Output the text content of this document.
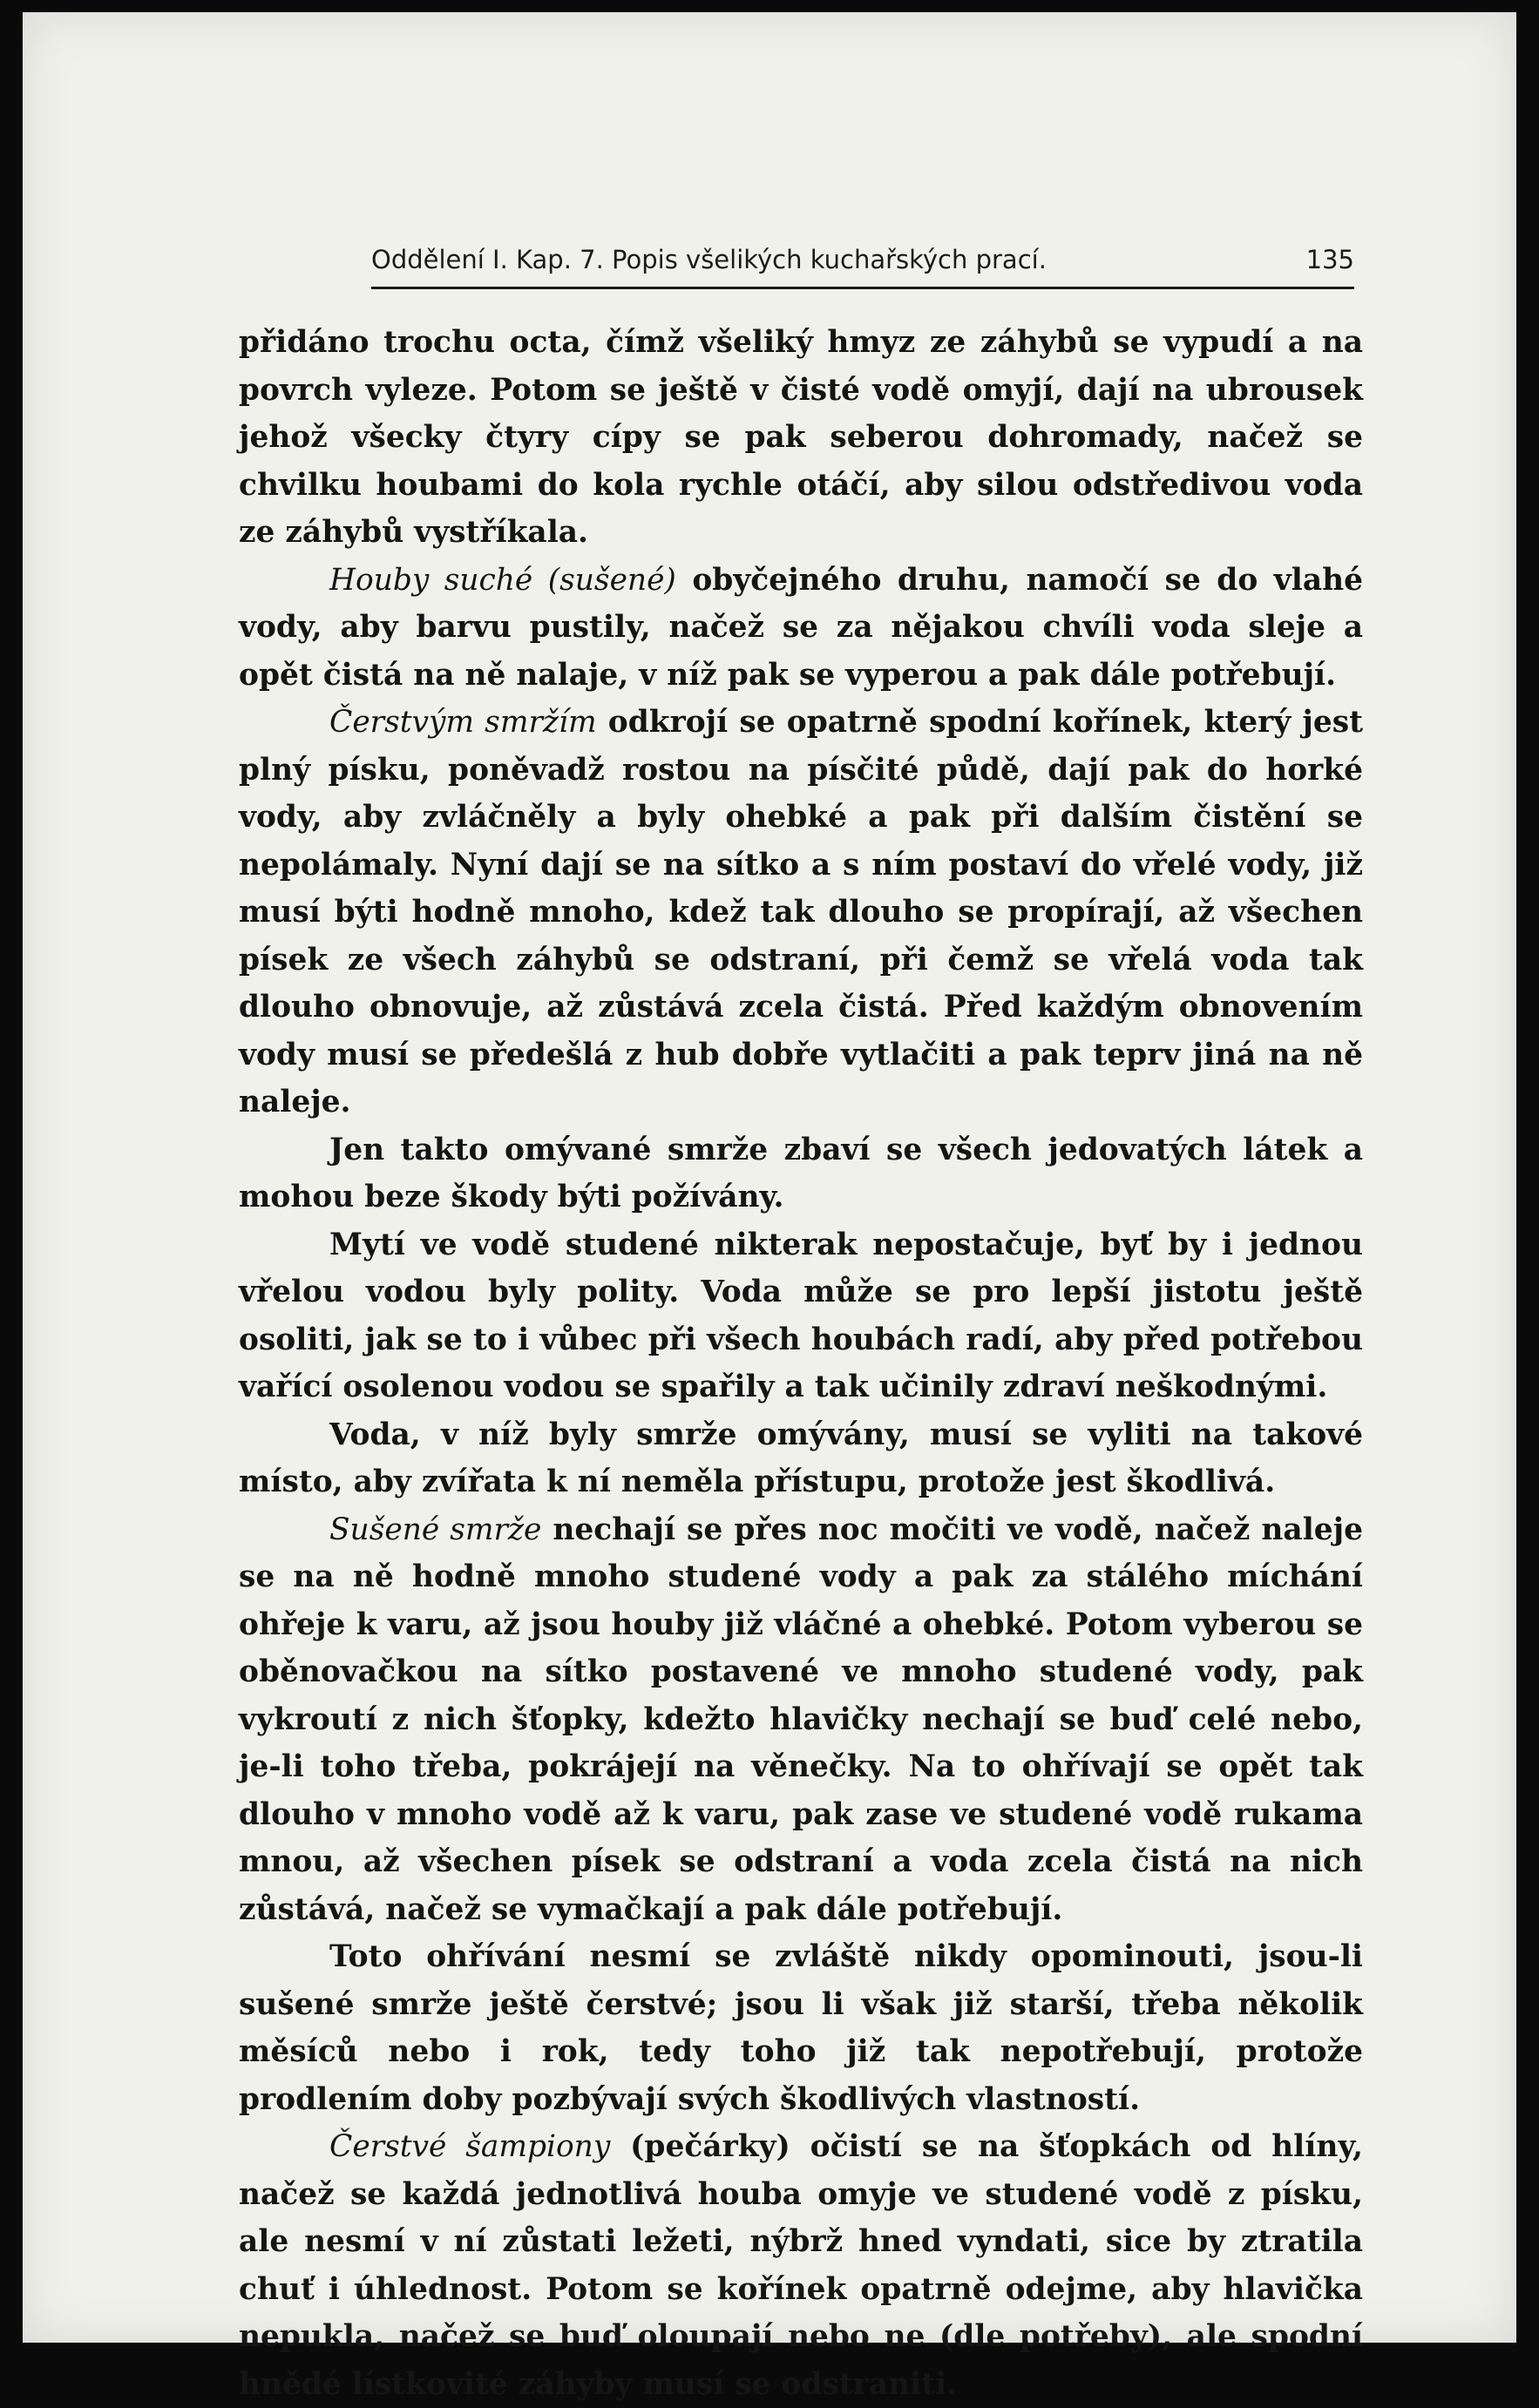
Oddělení I. Kap. 7. Popis všelikých kuchařských prací.	135

přidáno trochu octa, čímž všeliký hmyz ze záhybů se vypudí a na povrch vyleze. Potom se ještě v čisté vodě omyjí, dají na ubrousek jehož všecky čtyry cípy se pak seberou dohromady, načež se chvilku houbami do kola rychle otáčí, aby silou odstředivou voda ze záhybů vystříkala.

Houby suché (sušené) obyčejného druhu, namočí se do vlahé vody, aby barvu pustily, načež se za nějakou chvíli voda sleje a opět čistá na ně nalaje, v níž pak se vyperou a pak dále potřebují.

Čerstvým smržím odkrojí se opatrně spodní kořínek, který jest plný písku, poněvadž rostou na písčité půdě, dají pak do horké vody, aby zvláčněly a byly ohebké a pak při dalším čistění se nepolámaly. Nyní dají se na sítko a s ním postaví do vřelé vody, již musí býti hodně mnoho, kdež tak dlouho se propírají, až všechen písek ze všech záhybů se odstraní, při čemž se vřelá voda tak dlouho obnovuje, až zůstává zcela čistá. Před každým obnovením vody musí se předešlá z hub dobře vytlačiti a pak teprv jiná na ně naleje.

Jen takto omývané smrže zbaví se všech jedovatých látek a mohou beze škody býti požívány.

Mytí ve vodě studené nikterak nepostačuje, byť by i jednou vřelou vodou byly polity. Voda může se pro lepší jistotu ještě osoliti, jak se to i vůbec při všech houbách radí, aby před potřebou vařící osolenou vodou se spařily a tak učinily zdraví neškodnými.

Voda, v níž byly smrže omývány, musí se vyliti na takové místo, aby zvířata k ní neměla přístupu, protože jest škodlivá.

Sušené smrže nechají se přes noc močiti ve vodě, načež naleje se na ně hodně mnoho studené vody a pak za stálého míchání ohřeje k varu, až jsou houby již vláčné a ohebké. Potom vyberou se oběnovačkou na sítko postavené ve mnoho studené vody, pak vykroutí z nich šťopky, kdežto hlavičky nechají se buď celé nebo, je-li toho třeba, pokrájejí na věnečky. Na to ohřívají se opět tak dlouho v mnoho vodě až k varu, pak zase ve studené vodě rukama mnou, až všechen písek se odstraní a voda zcela čistá na nich zůstává, načež se vymačkají a pak dále potřebují.

Toto ohřívání nesmí se zvláště nikdy opominouti, jsou-li sušené smrže ještě čerstvé; jsou li však již starší, třeba několik měsíců nebo i rok, tedy toho již tak nepotřebují, protože prodlením doby pozbývají svých škodlivých vlastností.

Čerstvé šampiony (pečárky) očistí se na šťopkách od hlíny, načež se každá jednotlivá houba omyje ve studené vodě z písku, ale nesmí v ní zůstati ležeti, nýbrž hned vyndati, sice by ztratila chuť i úhlednost. Potom se kořínek opatrně odejme, aby hlavička nepukla, načež se buď oloupají nebo ne (dle potřeby), ale spodní hnědé lístkovité záhyby musí se odstraniti.
